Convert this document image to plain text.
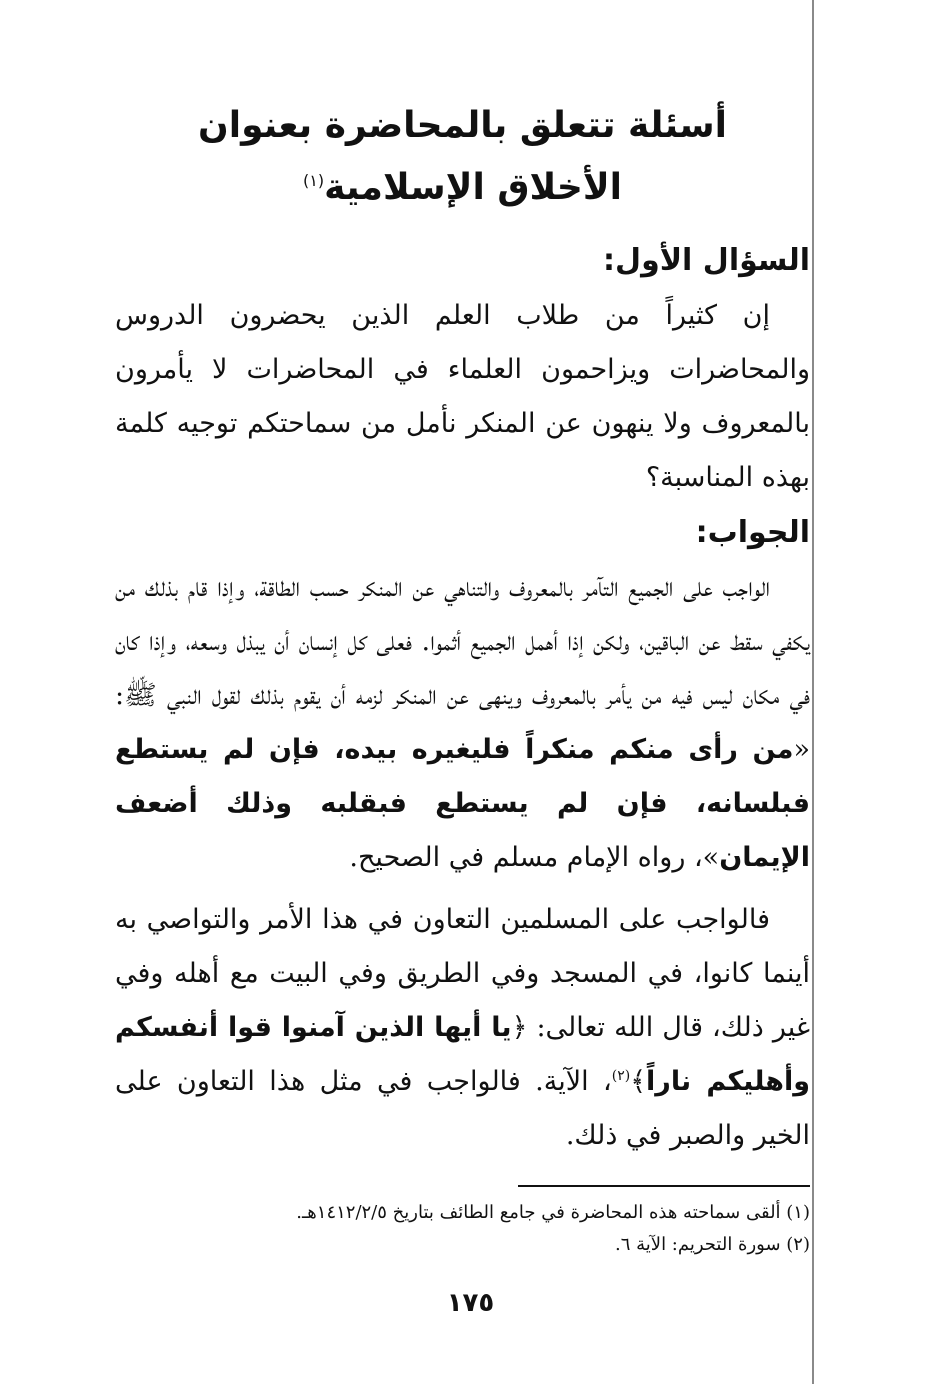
أسئلة تتعلق بالمحاضرة بعنوان
الأخلاق الإسلامية$^{(١)}$
السؤال الأول:

إن كثيراً من طلاب العلم الذين يحضرون الدروس والمحاضرات ويزاحمون العلماء في المحاضرات لا يأمرون بالمعروف ولا ينهون عن المنكر نأمل من سماحتكم توجيه كلمة بهذه المناسبة؟

الجواب:

الواجب على الجميع التآمر بالمعروف والتناهي عن المنكر حسب الطاقة، وإذا قام بذلك من يكفي سقط عن الباقين، ولكن إذا أهمل الجميع أثموا. فعلى كل إنسان أن يبذل وسعه، وإذا كان في مكان ليس فيه من يأمر بالمعروف وينهى عن المنكر لزمه أن يقوم بذلك لقول النبي ﷺ: «من رأى منكم منكراً فليغيره بيده، فإن لم يستطع فبلسانه، فإن لم يستطع فبقلبه وذلك أضعف الإيمان»، رواه الإمام مسلم في الصحيح.

فالواجب على المسلمين التعاون في هذا الأمر والتواصي به أينما كانوا، في المسجد وفي الطريق وفي البيت مع أهله وفي غير ذلك، قال الله تعالى: ﴿يا أيها الذين آمنوا قوا أنفسكم وأهليكم ناراً﴾$^{(٢)}$، الآية. فالواجب في مثل هذا التعاون على الخير والصبر في ذلك.

(١) ألقى سماحته هذه المحاضرة في جامع الطائف بتاريخ ١٤١٢/٢/٥هـ.
(٢) سورة التحريم: الآية ٦.
١٧٥
